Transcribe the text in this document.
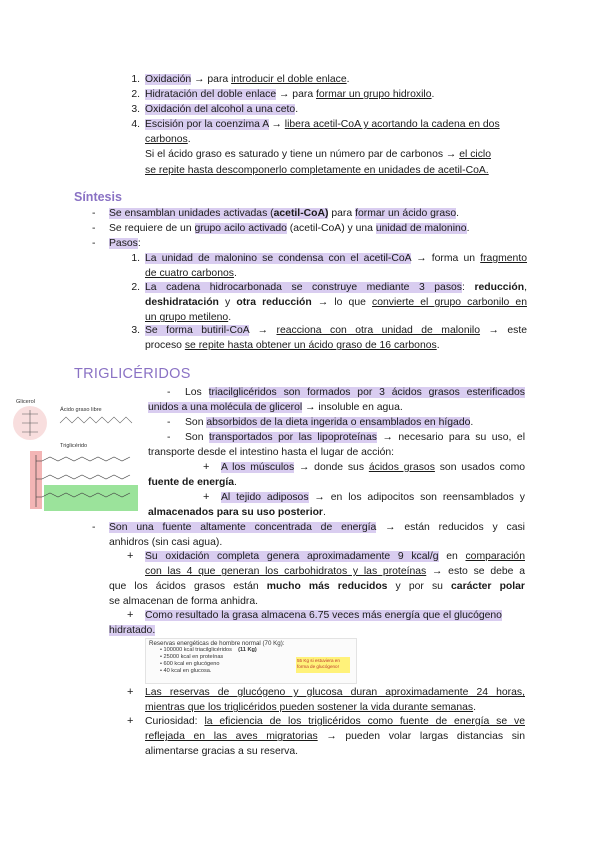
1. Oxidación → para introducir el doble enlace.
2. Hidratación del doble enlace → para formar un grupo hidroxilo.
3. Oxidación del alcohol a una ceto.
4. Escisión por la coenzima A → libera acetil-CoA y acortando la cadena en dos
carbonos.
Si el ácido graso es saturado y tiene un número par de carbonos → el ciclo
se repite hasta descomponerlo completamente en unidades de acetil-CoA.
Síntesis
- Se ensamblan unidades activadas (acetil-CoA) para formar un ácido graso.
- Se requiere de un grupo acilo activado (acetil-CoA) y una unidad de malonino.
- Pasos:
1. La unidad de malonino se condensa con el acetil-CoA → forma un fragmento
de cuatro carbonos.
2. La cadena hidrocarbonada se construye mediante 3 pasos: reducción,
deshidratación y otra reducción → lo que convierte el grupo carbonilo en
un grupo metileno.
3. Se forma butiril-CoA → reacciona con otra unidad de malonilo → este
proceso se repite hasta obtener un ácido graso de 16 carbonos.
TRIGLICÉRIDOS
Glicerol
Ácido graso libre
Triglicérido
- Los triacilglicéridos son formados por 3 ácidos grasos esterificados
unidos a una molécula de glicerol → insoluble en agua.
- Son absorbidos de la dieta ingerida o ensamblados en hígado.
- Son transportados por las lipoproteínas → necesario para su uso, el
transporte desde el intestino hasta el lugar de acción:
+ A los músculos → donde sus ácidos grasos son usados como
fuente de energía.
+ Al tejido adiposos → en los adipocitos son reensamblados y
almacenados para su uso posterior.
- Son una fuente altamente concentrada de energía → están reducidos y casi
anhidros (sin casi agua).
+ Su oxidación completa genera aproximadamente 9 kcal/g en comparación
con las 4 que generan los carbohidratos y las proteínas → esto se debe a
que los ácidos grasos están mucho más reducidos y por su carácter polar
se almacenan de forma anhidra.
+ Como resultado la grasa almacena 6.75 veces más energía que el glucógeno
hidratado.
Reservas energéticas de hombre normal (70 Kg):
• 100000 kcal triacilglicéridos (11 Kg)
• 25000 kcal en proteínas
• 600 kcal en glucógeno
• 40 kcal en glucosa.
55 Kg si estuviera en forma de glucógeno!
+ Las reservas de glucógeno y glucosa duran aproximadamente 24 horas,
mientras que los triglicéridos pueden sostener la vida durante semanas.
+ Curiosidad: la eficiencia de los triglicéridos como fuente de energía se ve
reflejada en las aves migratorias → pueden volar largas distancias sin
alimentarse gracias a su reserva.
